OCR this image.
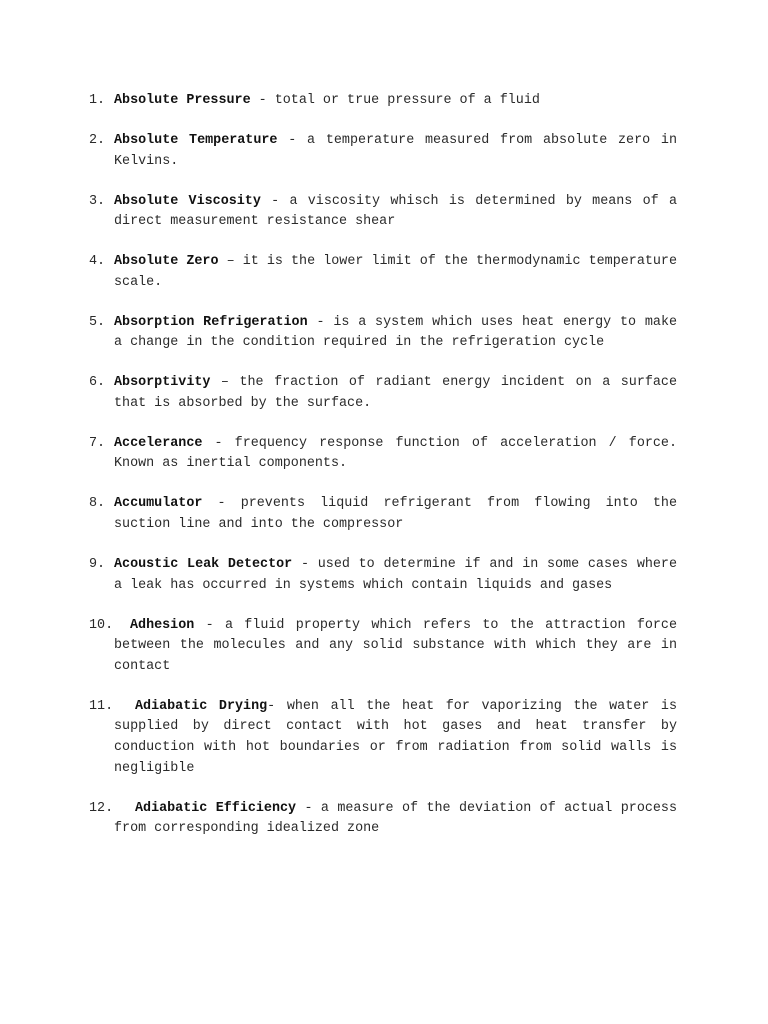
1. Absolute Pressure - total or true pressure of a fluid
2. Absolute Temperature - a temperature measured from absolute zero in Kelvins.
3. Absolute Viscosity - a viscosity whisch is determined by means of a direct measurement resistance shear
4. Absolute Zero – it is the lower limit of the thermodynamic temperature scale.
5. Absorption Refrigeration - is a system which uses heat energy to make a change in the condition required in the refrigeration cycle
6. Absorptivity – the fraction of radiant energy incident on a surface that is absorbed by the surface.
7. Accelerance - frequency response function of acceleration / force. Known as inertial components.
8. Accumulator - prevents liquid refrigerant from flowing into the suction line and into the compressor
9. Acoustic Leak Detector - used to determine if and in some cases where a leak has occurred in systems which contain liquids and gases
10. Adhesion - a fluid property which refers to the attraction force between the molecules and any solid substance with which they are in contact
11. Adiabatic Drying- when all the heat for vaporizing the water is supplied by direct contact with hot gases and heat transfer by conduction with hot boundaries or from radiation from solid walls is negligible
12. Adiabatic Efficiency - a measure of the deviation of actual process from corresponding idealized zone
